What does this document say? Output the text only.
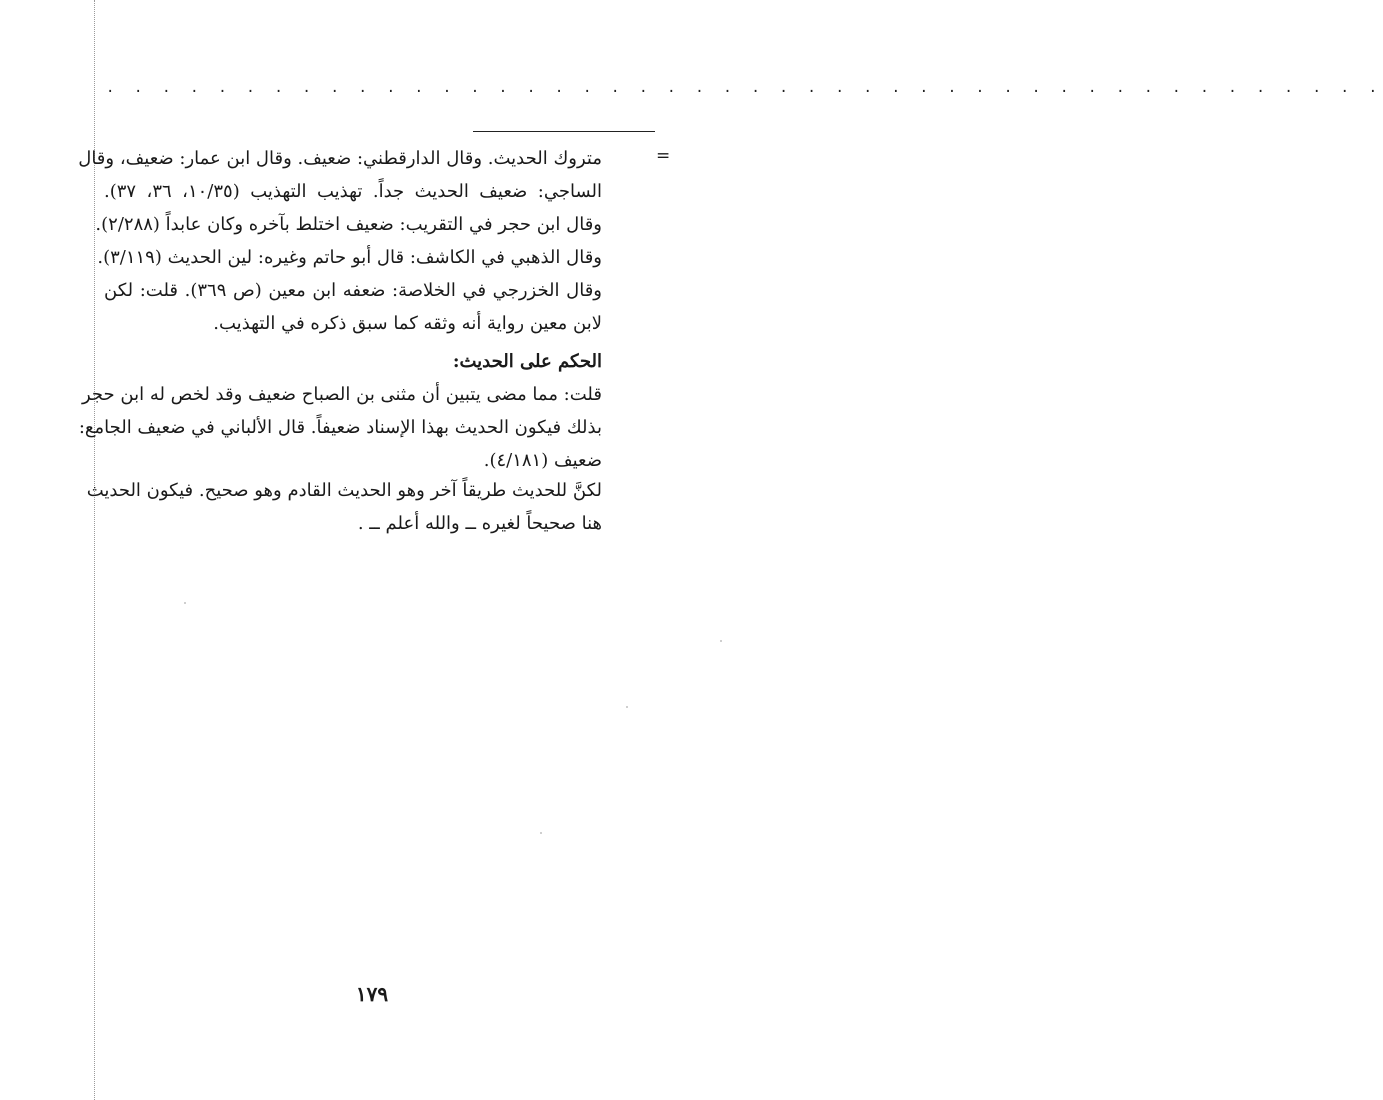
. . . . . . . . . . . . . . . . . . . . . . . . . . . . . . . . . . . . . . . . . . . . . .
=
متروك الحديث. وقال الدارقطني: ضعيف. وقال ابن عمار: ضعيف، وقال
الساجي: ضعيف الحديث جداً. تهذيب التهذيب (١٠/٣٥، ٣٦، ٣٧).
وقال ابن حجر في التقريب: ضعيف اختلط بآخره وكان عابداً (٢/٢٨٨).
وقال الذهبي في الكاشف: قال أبو حاتم وغيره: لين الحديث (٣/١١٩).
وقال الخزرجي في الخلاصة: ضعفه ابن معين (ص ٣٦٩). قلت: لكن
لابن معين رواية أنه وثقه كما سبق ذكره في التهذيب.
الحكم على الحديث:
قلت: مما مضى يتبين أن مثنى بن الصباح ضعيف وقد لخص له ابن حجر
بذلك فيكون الحديث بهذا الإسناد ضعيفاً. قال الألباني في ضعيف الجامع:
ضعيف (٤/١٨١).
لكنَّ للحديث طريقاً آخر وهو الحديث القادم وهو صحيح. فيكون الحديث
هنا صحيحاً لغيره ــ والله أعلم ــ .
١٧٩
